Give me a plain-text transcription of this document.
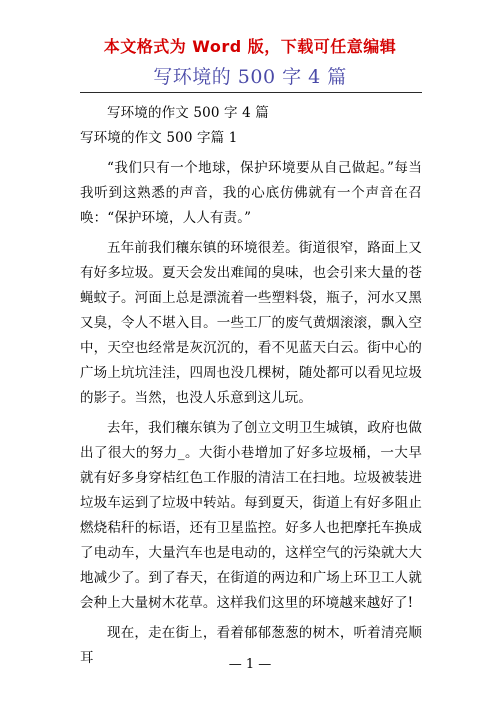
本文格式为 Word 版，下载可任意编辑
写环境的 500 字 4 篇

写环境的作文 500 字 4 篇

写环境的作文 500 字篇 1

“我们只有一个地球，保护环境要从自己做起。”每当我听到这熟悉的声音，我的心底仿佛就有一个声音在召唤：“保护环境，人人有责。”

五年前我们穰东镇的环境很差。街道很窄，路面上又有好多垃圾。夏天会发出难闻的臭味，也会引来大量的苍蝇蚊子。河面上总是漂流着一些塑料袋，瓶子，河水又黑又臭，令人不堪入目。一些工厂的废气黄烟滚滚，飘入空中，天空也经常是灰沉沉的，看不见蓝天白云。街中心的广场上坑坑洼洼，四周也没几棵树，随处都可以看见垃圾的影子。当然，也没人乐意到这儿玩。

去年，我们穰东镇为了创立文明卫生城镇，政府也做出了很大的努力_。大街小巷增加了好多垃圾桶，一大早就有好多身穿桔红色工作服的清洁工在扫地。垃圾被装进垃圾车运到了垃圾中转站。每到夏天，街道上有好多阻止燃烧秸秆的标语，还有卫星监控。好多人也把摩托车换成了电动车，大量汽车也是电动的，这样空气的污染就大大地减少了。到了春天，在街道的两边和广场上环卫工人就会种上大量树木花草。这样我们这里的环境越来越好了!

现在，走在街上，看着郁郁葱葱的树木，听着清亮顺耳	— 1 —
